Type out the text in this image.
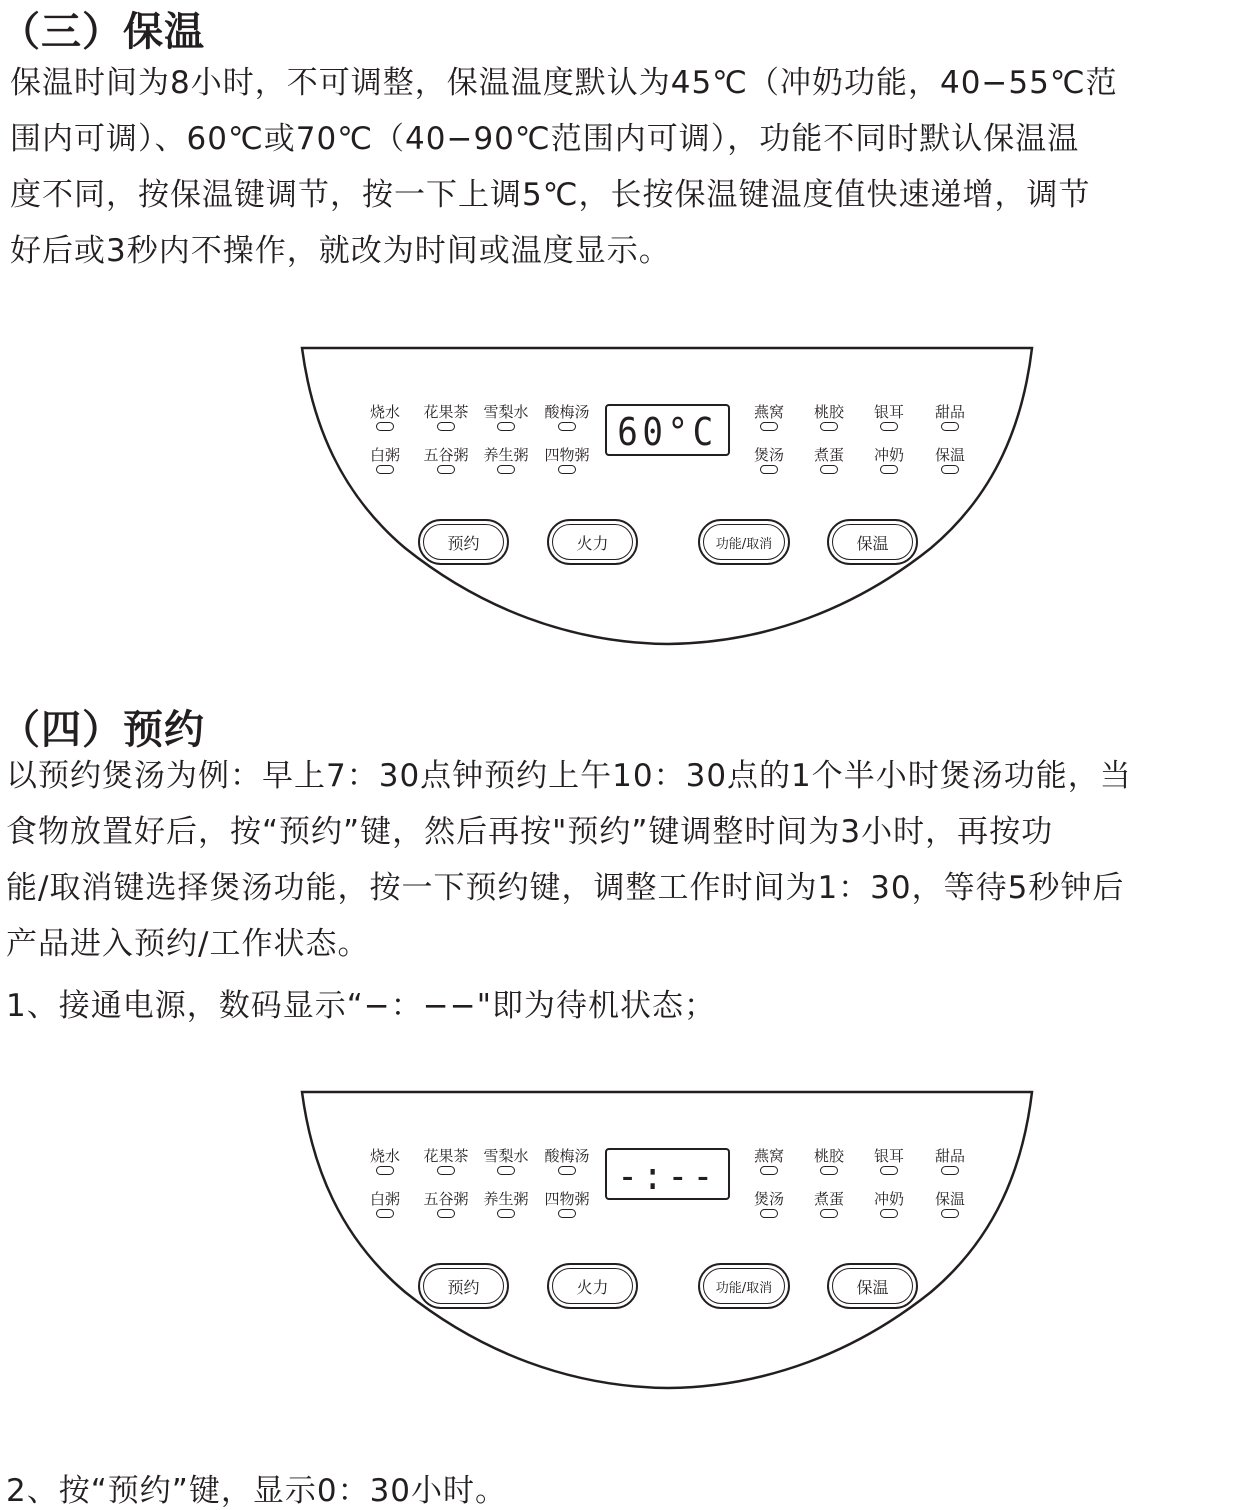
（三）保温
保温时间为8小时，不可调整，保温温度默认为45℃（冲奶功能，40−55℃范
围内可调）、60℃或70℃（40−90℃范围内可调），功能不同时默认保温温
度不同，按保温键调节，按一下上调5℃，长按保温键温度值快速递增，调节
好后或3秒内不操作，就改为时间或温度显示。
烧水	花果茶 雪梨水	酸梅汤
白粥	五谷粥 养生粥	四物粥
60°C	燕窝	桃胶	银耳	甜品
煲汤	煮蛋	冲奶	保温
预约	火力	功能/取消	保温
（四）预约
以预约煲汤为例：早上7：30点钟预约上午10：30点的1个半小时煲汤功能，当
食物放置好后，按“预约”键，然后再按"预约”键调整时间为3小时，再按功
能/取消键选择煲汤功能，按一下预约键，调整工作时间为1：30，等待5秒钟后
产品进入预约/工作状态。

1、接通电源，数码显示“−：−−"即为待机状态；

烧水	花果茶 雪梨水	酸梅汤
白粥	五谷粥 养生粥	四物粥
-:--	燕窝	桃胶	银耳	甜品
煲汤	煮蛋	冲奶	保温
预约	火力	功能/取消	保温

2、按“预约”键，显示0：30小时。
